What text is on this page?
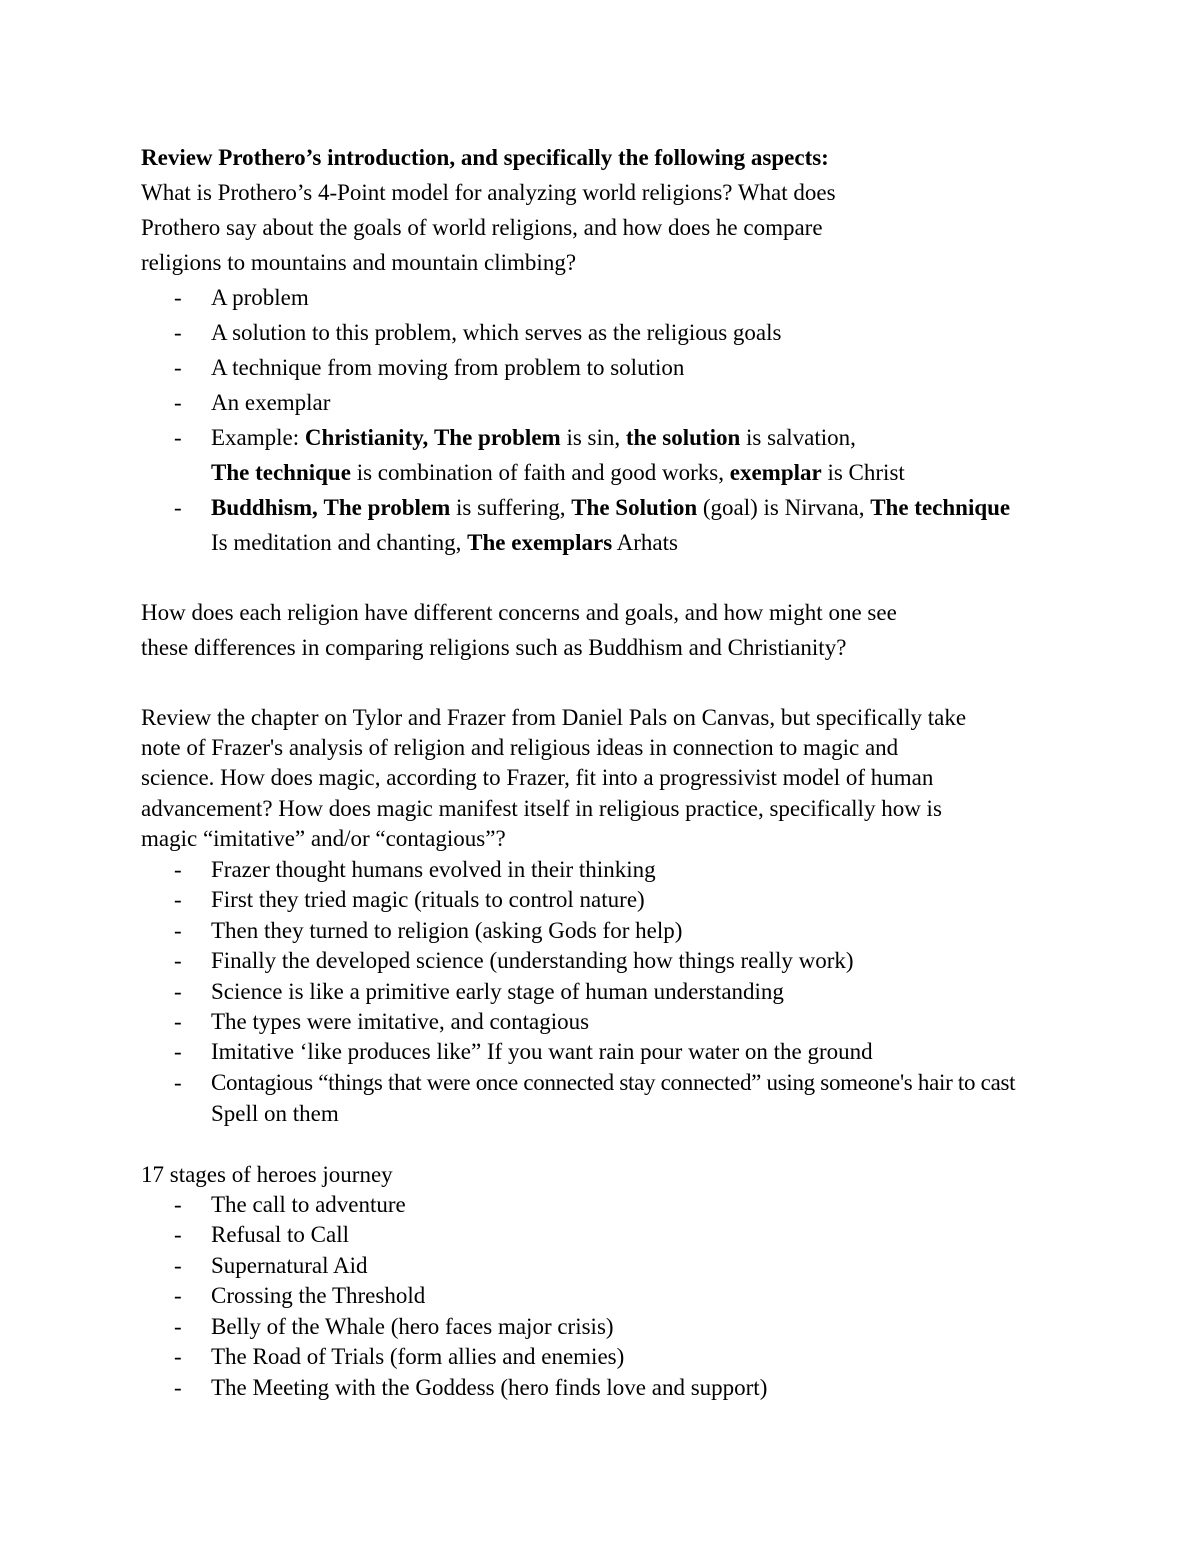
Review Prothero’s introduction, and specifically the following aspects:
What is Prothero’s 4-Point model for analyzing world religions? What does
Prothero say about the goals of world religions, and how does he compare
religions to mountains and mountain climbing?
- A problem
- A solution to this problem, which serves as the religious goals
- A technique from moving from problem to solution
- An exemplar
- Example: Christianity, The problem is sin, the solution is salvation,
The technique is combination of faith and good works, exemplar is Christ
- Buddhism, The problem is suffering, The Solution (goal) is Nirvana, The technique
Is meditation and chanting, The exemplars Arhats
How does each religion have different concerns and goals, and how might one see
these differences in comparing religions such as Buddhism and Christianity?
Review the chapter on Tylor and Frazer from Daniel Pals on Canvas, but specifically take
note of Frazer's analysis of religion and religious ideas in connection to magic and
science. How does magic, according to Frazer, fit into a progressivist model of human
advancement? How does magic manifest itself in religious practice, specifically how is
magic “imitative” and/or “contagious”?
- Frazer thought humans evolved in their thinking
- First they tried magic (rituals to control nature)
- Then they turned to religion (asking Gods for help)
- Finally the developed science (understanding how things really work)
- Science is like a primitive early stage of human understanding
- The types were imitative, and contagious
- Imitative ‘like produces like” If you want rain pour water on the ground
- Contagious “things that were once connected stay connected” using someone's hair to cast
Spell on them
17 stages of heroes journey
- The call to adventure
- Refusal to Call
- Supernatural Aid
- Crossing the Threshold
- Belly of the Whale (hero faces major crisis)
- The Road of Trials (form allies and enemies)
- The Meeting with the Goddess (hero finds love and support)
